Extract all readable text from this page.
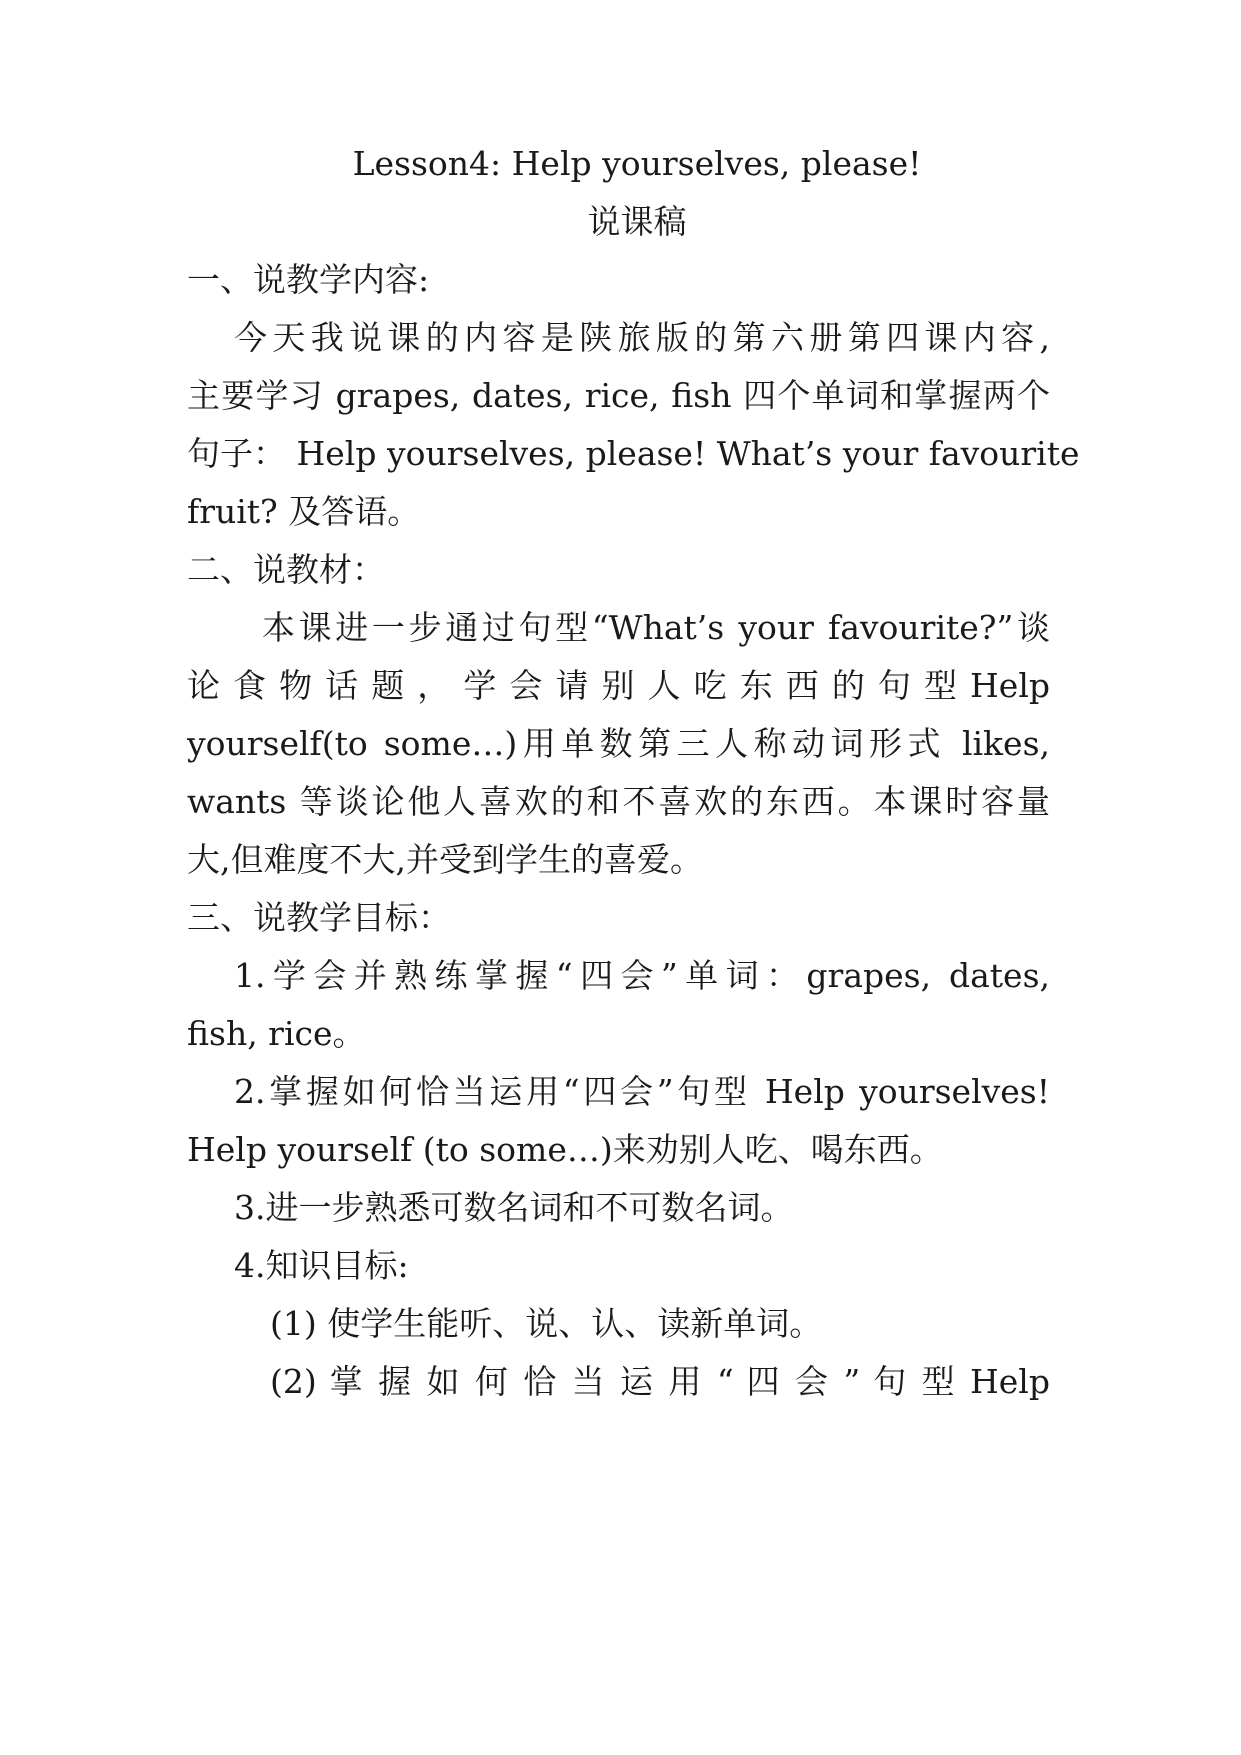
Lesson4: Help yourselves, please!
说课稿
一、说教学内容:
今天我说课的内容是陕旅版的第六册第四课内容,
主要学习 grapes, dates, rice, fish 四个单词和掌握两个
句子： Help yourselves, please! What’s your favourite
fruit? 及答语。
二、说教材：
本课进一步通过句型“What’s your favourite?”谈
论 食 物 话 题 ， 学 会 请 别 人 吃 东 西 的 句 型 Help
yourself(to some…)用单数第三人称动词形式 likes,
wants 等谈论他人喜欢的和不喜欢的东西。本课时容量
大,但难度不大,并受到学生的喜爱。
三、说教学目标：
1.学会并熟练掌握“四会”单词：grapes, dates,
fish, rice。
2.掌握如何恰当运用“四会”句型 Help yourselves!
Help yourself (to some…)来劝别人吃、喝东西。
3.进一步熟悉可数名词和不可数名词。
4.知识目标:
(1) 使学生能听、说、认、读新单词。
(2) 掌 握 如 何 恰 当 运 用 “ 四 会 ” 句 型 Help
